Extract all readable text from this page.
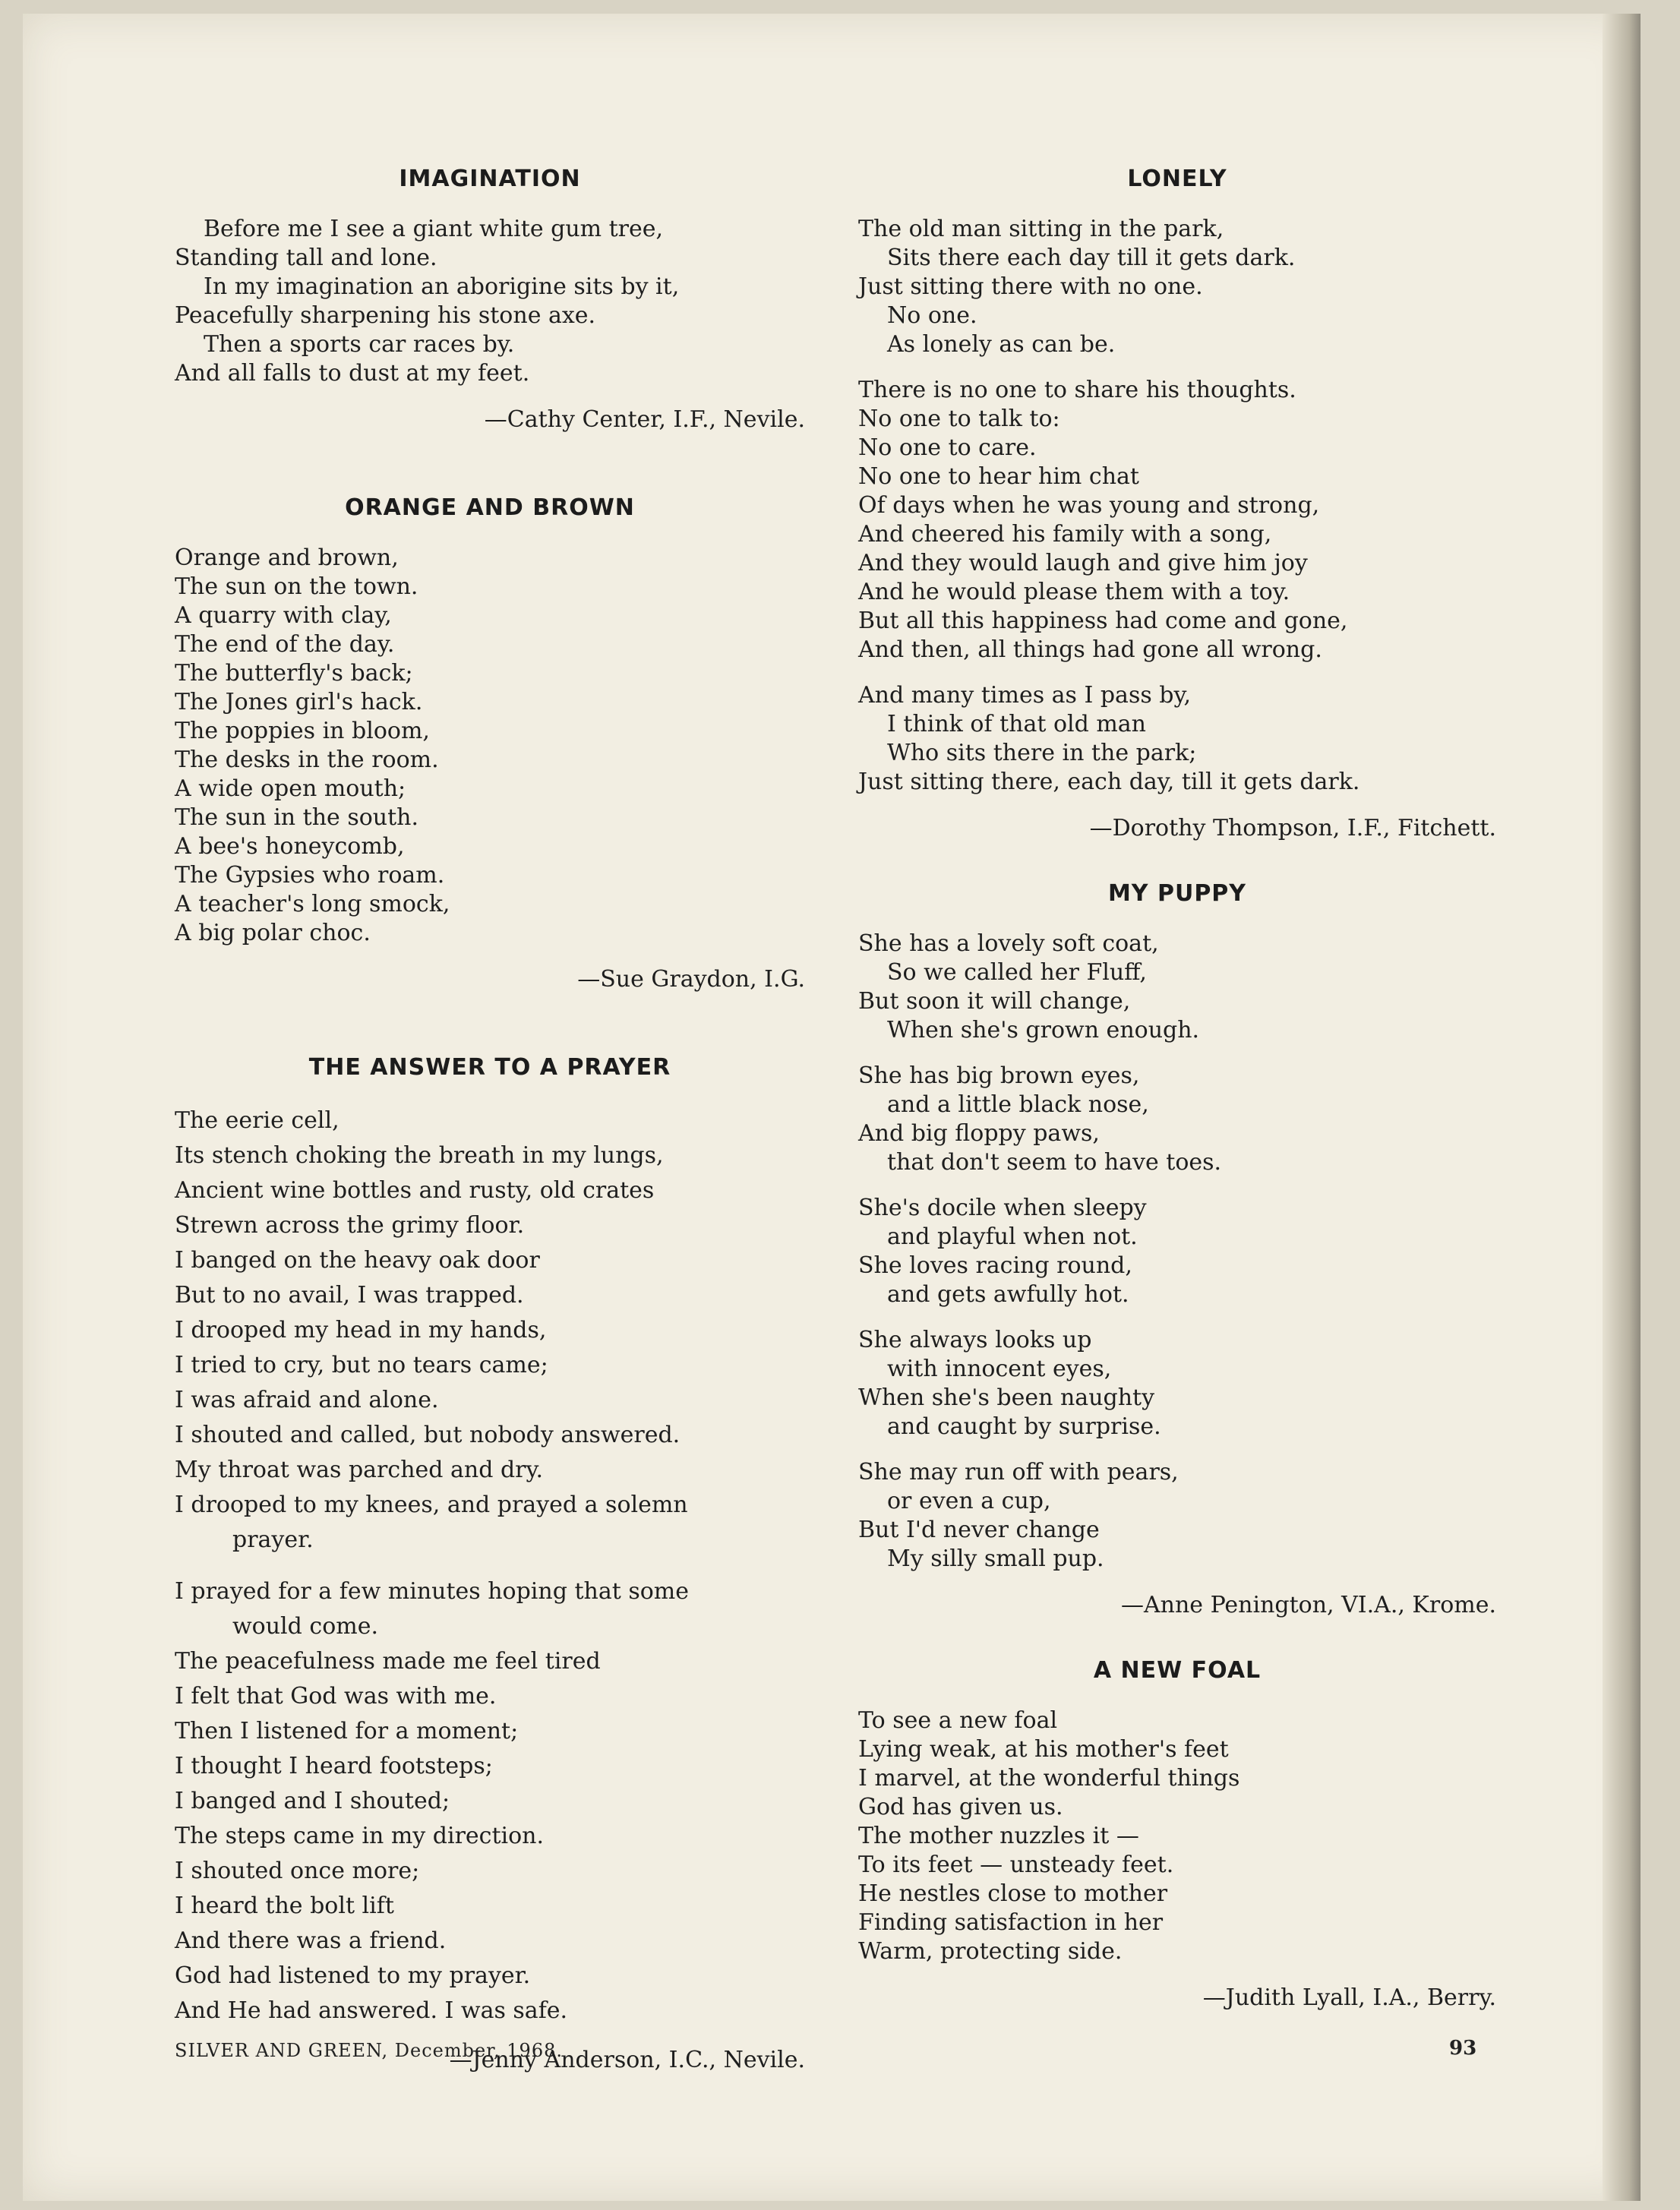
IMAGINATION
Before me I see a giant white gum tree,
Standing tall and lone.
In my imagination an aborigine sits by it,
Peacefully sharpening his stone axe.
Then a sports car races by.
And all falls to dust at my feet.
—Cathy Center, I.F., Nevile.
ORANGE AND BROWN
Orange and brown,
The sun on the town.
A quarry with clay,
The end of the day.
The butterfly's back;
The Jones girl's hack.
The poppies in bloom,
The desks in the room.
A wide open mouth;
The sun in the south.
A bee's honeycomb,
The Gypsies who roam.
A teacher's long smock,
A big polar choc.
—Sue Graydon, I.G.
THE ANSWER TO A PRAYER
The eerie cell,
Its stench choking the breath in my lungs,
Ancient wine bottles and rusty, old crates
Strewn across the grimy floor.
I banged on the heavy oak door
But to no avail, I was trapped.
I drooped my head in my hands,
I tried to cry, but no tears came;
I was afraid and alone.
I shouted and called, but nobody answered.
My throat was parched and dry.
I drooped to my knees, and prayed a solemn
prayer.
I prayed for a few minutes hoping that some
would come.
The peacefulness made me feel tired
I felt that God was with me.
Then I listened for a moment;
I thought I heard footsteps;
I banged and I shouted;
The steps came in my direction.
I shouted once more;
I heard the bolt lift
And there was a friend.
God had listened to my prayer.
And He had answered. I was safe.
—Jenny Anderson, I.C., Nevile.
LONELY
The old man sitting in the park,
Sits there each day till it gets dark.
Just sitting there with no one.
No one.
As lonely as can be.
There is no one to share his thoughts.
No one to talk to:
No one to care.
No one to hear him chat
Of days when he was young and strong,
And cheered his family with a song,
And they would laugh and give him joy
And he would please them with a toy.
But all this happiness had come and gone,
And then, all things had gone all wrong.
And many times as I pass by,
I think of that old man
Who sits there in the park;
Just sitting there, each day, till it gets dark.
—Dorothy Thompson, I.F., Fitchett.
MY PUPPY
She has a lovely soft coat,
So we called her Fluff,
But soon it will change,
When she's grown enough.
She has big brown eyes,
and a little black nose,
And big floppy paws,
that don't seem to have toes.
She's docile when sleepy
and playful when not.
She loves racing round,
and gets awfully hot.
She always looks up
with innocent eyes,
When she's been naughty
and caught by surprise.
She may run off with pears,
or even a cup,
But I'd never change
My silly small pup.
—Anne Penington, VI.A., Krome.
A NEW FOAL
To see a new foal
Lying weak, at his mother's feet
I marvel, at the wonderful things
God has given us.
The mother nuzzles it —
To its feet — unsteady feet.
He nestles close to mother
Finding satisfaction in her
Warm, protecting side.
—Judith Lyall, I.A., Berry.
SILVER AND GREEN, December, 1968.	93
